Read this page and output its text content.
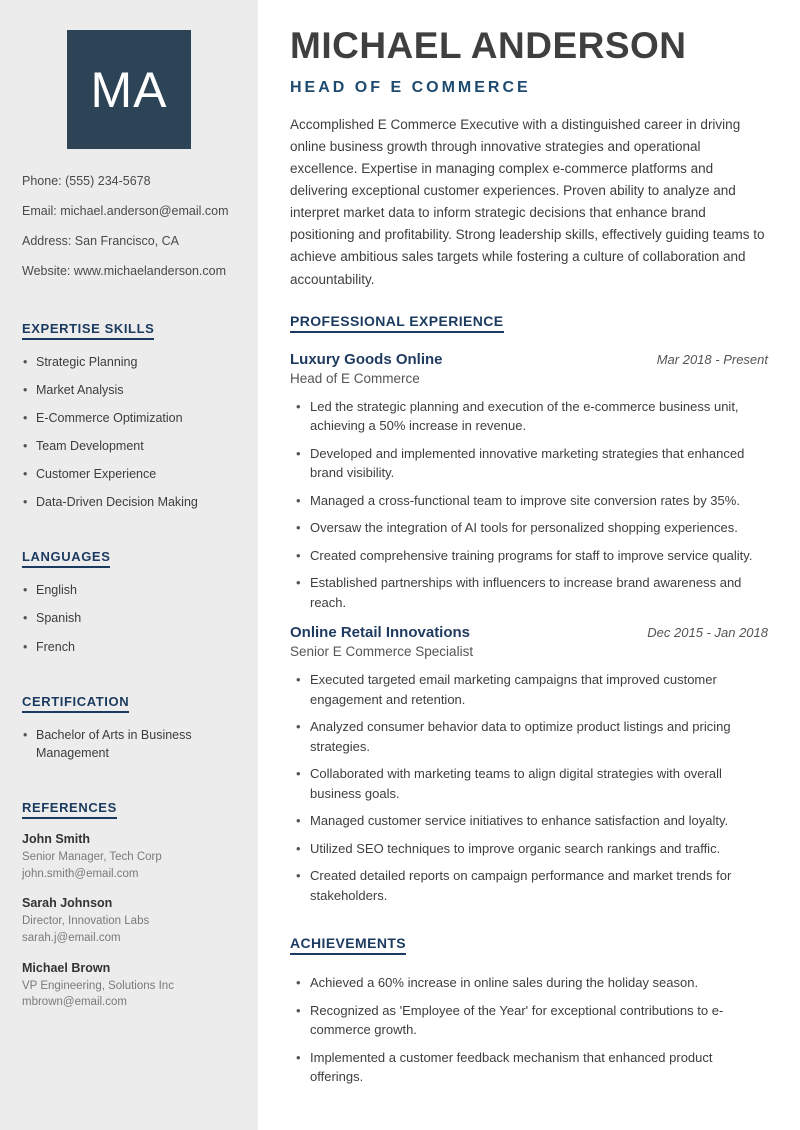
MA

Phone: (555) 234-5678

Email: michael.anderson@email.com

Address: San Francisco, CA

Website: www.michaelanderson.com

EXPERTISE SKILLS
• Strategic Planning
• Market Analysis
• E-Commerce Optimization
• Team Development
• Customer Experience
• Data-Driven Decision Making
LANGUAGES
• English
• Spanish
• French
CERTIFICATION
• Bachelor of Arts in Business Management
REFERENCES

John Smith

Senior Manager, Tech Corp

john.smith@email.com

Sarah Johnson

Director, Innovation Labs

sarah.j@email.com

Michael Brown

VP Engineering, Solutions Inc

mbrown@email.com

MICHAEL ANDERSON
HEAD OF E COMMERCE

Accomplished E Commerce Executive with a distinguished career in driving online business growth through innovative strategies and operational excellence. Expertise in managing complex e-commerce platforms and delivering exceptional customer experiences. Proven ability to analyze and interpret market data to inform strategic decisions that enhance brand positioning and profitability. Strong leadership skills, effectively guiding teams to achieve ambitious sales targets while fostering a culture of collaboration and accountability.

PROFESSIONAL EXPERIENCE
Luxury Goods Online	Mar 2018 - Present
Head of E Commerce
• Led the strategic planning and execution of the e-commerce business unit, achieving a 50% increase in revenue.
• Developed and implemented innovative marketing strategies that enhanced brand visibility.
• Managed a cross-functional team to improve site conversion rates by 35%.
• Oversaw the integration of AI tools for personalized shopping experiences.
• Created comprehensive training programs for staff to improve service quality.
• Established partnerships with influencers to increase brand awareness and reach.
Online Retail Innovations	Dec 2015 - Jan 2018
Senior E Commerce Specialist
• Executed targeted email marketing campaigns that improved customer engagement and retention.
• Analyzed consumer behavior data to optimize product listings and pricing strategies.
• Collaborated with marketing teams to align digital strategies with overall business goals.
• Managed customer service initiatives to enhance satisfaction and loyalty.
• Utilized SEO techniques to improve organic search rankings and traffic.
• Created detailed reports on campaign performance and market trends for stakeholders.
ACHIEVEMENTS
• Achieved a 60% increase in online sales during the holiday season.
• Recognized as 'Employee of the Year' for exceptional contributions to e-commerce growth.
• Implemented a customer feedback mechanism that enhanced product offerings.
